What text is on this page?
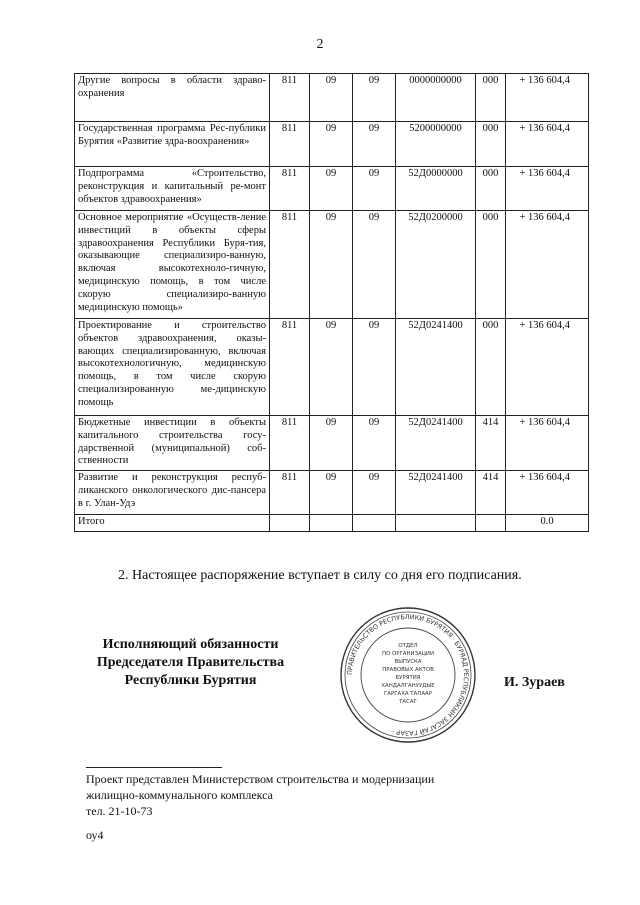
2
Другие вопросы в области здраво-охранения	811	09	09	0000000000	000	+ 136 604,4
Государственная программа Рес-публики Бурятия «Развитие здра-воохранения»	811	09	09	5200000000	000	+ 136 604,4
Подпрограмма «Строительство, реконструкция и капитальный ре-монт объектов здравоохранения»	811	09	09	52Д0000000	000	+ 136 604,4
Основное мероприятие «Осуществ-ление инвестиций в объекты сферы здравоохранения Республики Буря-тия, оказывающие специализиро-ванную, включая высокотехноло-гичную, медицинскую помощь, в том числе скорую специализиро-ванную медицинскую помощь»	811	09	09	52Д0200000	000	+ 136 604,4
Проектирование и строительство объектов здравоохранения, оказы-вающих специализированную, включая высокотехнологичную, медицинскую помощь, в том числе скорую специализированную ме-дицинскую помощь	811	09	09	52Д0241400	000	+ 136 604,4
Бюджетные инвестиции в объекты капитального строительства госу-дарственной (муниципальной) соб-ственности	811	09	09	52Д0241400	414	+ 136 604,4
Развитие и реконструкция респуб-ликанского онкологического дис-пансера в г. Улан-Удэ	811	09	09	52Д0241400	414	+ 136 604,4
Итого						0.0
2. Настоящее распоряжение вступает в силу со дня его подписания.
Исполняющий обязанности
Председателя Правительства
Республики Бурятия
ПРАВИТЕЛЬСТВО РЕСПУБЛИКИ БУРЯТИЯ · БУРЯАД РЕСПУБЛИКЫН ЗАСАГАЙ ГАЗАР ·
ОТДЕЛ
ПО ОРГАНИЗАЦИИ
ВЫПУСКА
ПРАВОВЫХ АКТОВ
БУРЯТИЯ
ХАНДАЛГАНУУДЫЕ
ГАРГАХА ТАЛААР
ТАСАГ
И. Зураев
Проект представлен Министерством строительства и модернизации
жилищно-коммунального комплекса
тел. 21-10-73
оу4
